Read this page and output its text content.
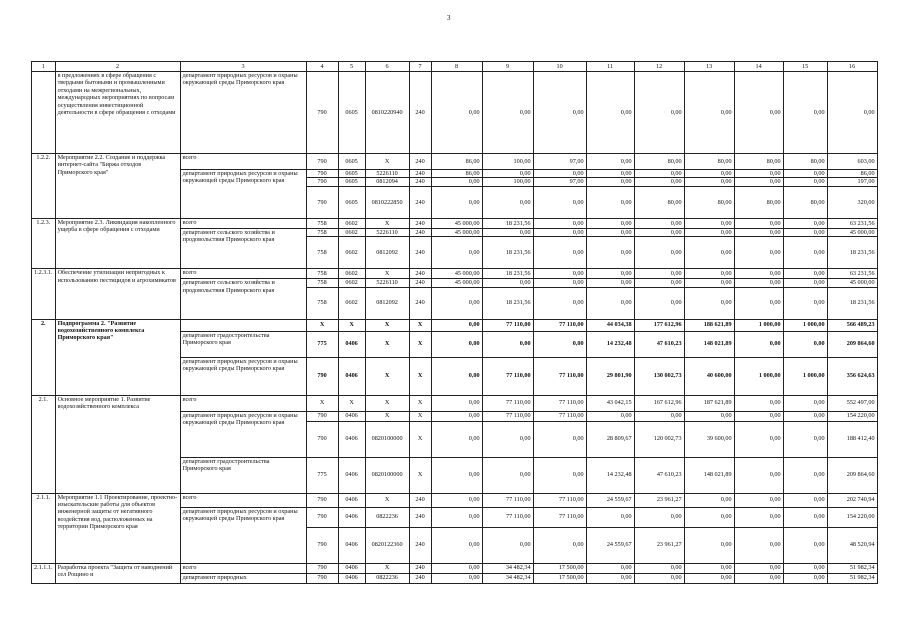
3
1	2	3	4	5	6	7	8	9	10	11	12	13	14	15	16
	в предложениях в сфере обращения с твердыми бытовыми и промышленными отходами на межрегиональных, международных мероприятиях по вопросам осуществления инвестиционной деятельности в сфере обращения с отходами	департамент природных ресурсов и охраны окружающей среды Приморского края	790	0605	0810220940	240	0,00	0,00	0,00	0,00	0,00	0,00	0,00	0,00	0,00
1.2.2.	Мероприятие 2.2. Создание и поддержка интернет-сайта "Биржа отходов Приморского края"	всего	790	0605	X	240	86,00	100,00	97,00	0,00	80,00	80,00	80,00	80,00	603,00
		департамент природных ресурсов и охраны окружающей среды Приморского края	790	0605	5226110	240	86,00	0,00	0,00	0,00	0,00	0,00	0,00	0,00	86,00
			790	0605	0812094	240	0,00	100,00	97,00	0,00	0,00	0,00	0,00	0,00	197,00
			790	0605	0810222850	240	0,00	0,00	0,00	0,00	80,00	80,00	80,00	80,00	320,00
1.2.3.	Мероприятие 2.3. Ликвидация накопленного ущерба в сфере обращения с отходами	всего	758	0602	X	240	45 000,00	18 231,56	0,00	0,00	0,00	0,00	0,00	0,00	63 231,56
		департамент сельского хозяйства и продовольствия Приморского края	758	0602	5226110	240	45 000,00	0,00	0,00	0,00	0,00	0,00	0,00	0,00	45 000,00
			758	0602	0812092	240	0,00	18 231,56	0,00	0,00	0,00	0,00	0,00	0,00	18 231,56
1.2.3.1.	Обеспечение утилизации непригодных к использованию пестицидов и агрохимикатов	всего	758	0602	X	240	45 000,00	18 231,56	0,00	0,00	0,00	0,00	0,00	0,00	63 231,56
		департамент сельского хозяйства и продовольствия Приморского края	758	0602	5226110	240	45 000,00	0,00	0,00	0,00	0,00	0,00	0,00	0,00	45 000,00
			758	0602	0812092	240	0,00	18 231,56	0,00	0,00	0,00	0,00	0,00	0,00	18 231,56
2.	Подпрограмма 2. "Развитие водохозяйственного комплекса Приморского края"		X	X	X	X	0,00	77 110,00	77 110,00	44 034,38	177 612,96	188 621,89	1 000,00	1 000,00	566 489,23
		департамент градостроительства Приморского края	775	0406	X	X	0,00	0,00	0,00	14 232,48	47 610,23	148 021,89	0,00	0,00	209 864,60
		департамент природных ресурсов и охраны окружающей среды Приморского края	790	0406	X	X	0,00	77 110,00	77 110,00	29 801,90	130 002,73	40 600,00	1 000,00	1 000,00	356 624,63
2.1.	Основное мероприятие 1. Развитие водохозяйственного комплекса	всего	X	X	X	X	0,00	77 110,00	77 110,00	43 042,15	167 612,96	187 621,89	0,00	0,00	552 497,00
		департамент природных ресурсов и охраны окружающей среды Приморского края	790	0406	X	X	0,00	77 110,00	77 110,00	0,00	0,00	0,00	0,00	0,00	154 220,00
			790	0406	0820100000	X	0,00	0,00	0,00	28 809,67	120 002,73	39 600,00	0,00	0,00	188 412,40
		департамент градостроительства Приморского края	775	0406	0820100000	X	0,00	0,00	0,00	14 232,48	47 610,23	148 021,89	0,00	0,00	209 864,60
2.1.1.	Мероприятие 1.1 Проектирование, проектно-изыскательские работы для объектов инженерной защиты от негативного воздействия вод, расположенных на территории Приморского края	всего	790	0406	X	240	0,00	77 110,00	77 110,00	24 559,67	23 961,27	0,00	0,00	0,00	202 740,94
		департамент природных ресурсов и охраны окружающей среды Приморского края	790	0406	0822236	240	0,00	77 110,00	77 110,00	0,00	0,00	0,00	0,00	0,00	154 220,00
			790	0406	0820122360	240	0,00	0,00	0,00	24 559,67	23 961,27	0,00	0,00	0,00	48 520,94
2.1.1.1.	Разработка проекта "Защита от наводнений сел Рощино и	всего	790	0406	X	240	0,00	34 482,34	17 500,00	0,00	0,00	0,00	0,00	0,00	51 982,34
		департамент природных	790	0406	0822236	240	0,00	34 482,34	17 500,00	0,00	0,00	0,00	0,00	0,00	51 982,34
